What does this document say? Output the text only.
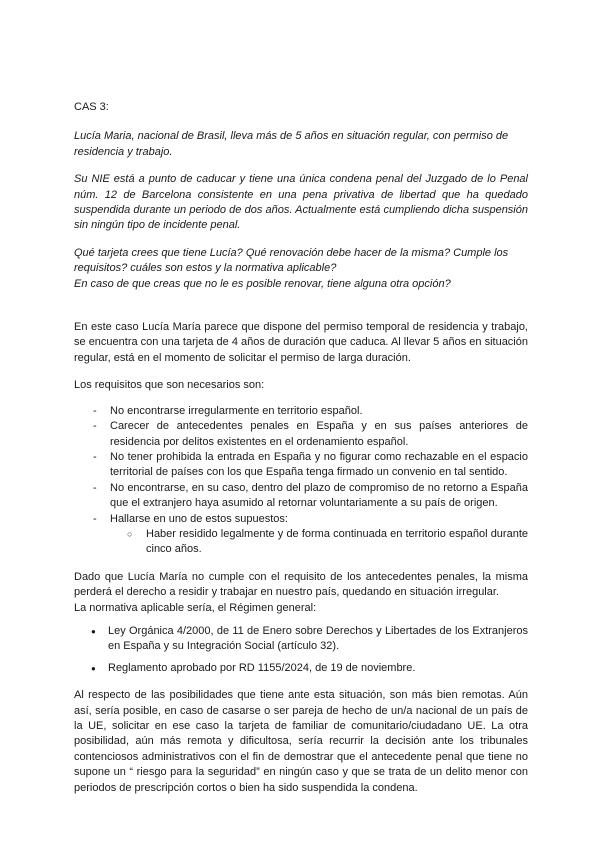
CAS 3:

Lucía Maria, nacional de Brasil, lleva más de 5 años en situación regular, con permiso de residencia y trabajo.

Su NIE está a punto de caducar y tiene una única condena penal del Juzgado de lo Penal núm. 12 de Barcelona consistente en una pena privativa de libertad que ha quedado suspendida durante un periodo de dos años. Actualmente está cumpliendo dicha suspensión sin ningún tipo de incidente penal.

Qué tarjeta crees que tiene Lucía? Qué renovación debe hacer de la misma? Cumple los requisitos? cuáles son estos y la normativa aplicable?

En caso de que creas que no le es posible renovar, tiene alguna otra opción?

En este caso Lucía María parece que dispone del permiso temporal de residencia y trabajo, se encuentra con una tarjeta de 4 años de duración que caduca. Al llevar 5 años en situación regular, está en el momento de solicitar el permiso de larga duración.

Los requisitos que son necesarios son:

- No encontrarse irregularmente en territorio español.
- Carecer de antecedentes penales en España y en sus países anteriores de residencia por delitos existentes en el ordenamiento español.
- No tener prohibida la entrada en España y no figurar como rechazable en el espacio territorial de países con los que España tenga firmado un convenio en tal sentido.
- No encontrarse, en su caso, dentro del plazo de compromiso de no retorno a España que el extranjero haya asumido al retornar voluntariamente a su país de origen.
- Hallarse en uno de estos supuestos:
○ Haber residido legalmente y de forma continuada en territorio español durante cinco años.

Dado que Lucía María no cumple con el requisito de los antecedentes penales, la misma perderá el derecho a residir y trabajar en nuestro país, quedando en situación irregular.

La normativa aplicable sería, el Régimen general:

● Ley Orgánica 4/2000, de 11 de Enero sobre Derechos y Libertades de los Extranjeros en España y su Integración Social (artículo 32).
● Reglamento aprobado por RD 1155/2024, de 19 de noviembre.

Al respecto de las posibilidades que tiene ante esta situación, son más bien remotas. Aún así, sería posible, en caso de casarse o ser pareja de hecho de un/a nacional de un país de la UE, solicitar en ese caso la tarjeta de familiar de comunitario/ciudadano UE. La otra posibilidad, aún más remota y dificultosa, sería recurrir la decisión ante los tribunales contenciosos administrativos con el fin de demostrar que el antecedente penal que tiene no supone un “ riesgo para la seguridad” en ningún caso y que se trata de un delito menor con periodos de prescripción cortos o bien ha sido suspendida la condena.
